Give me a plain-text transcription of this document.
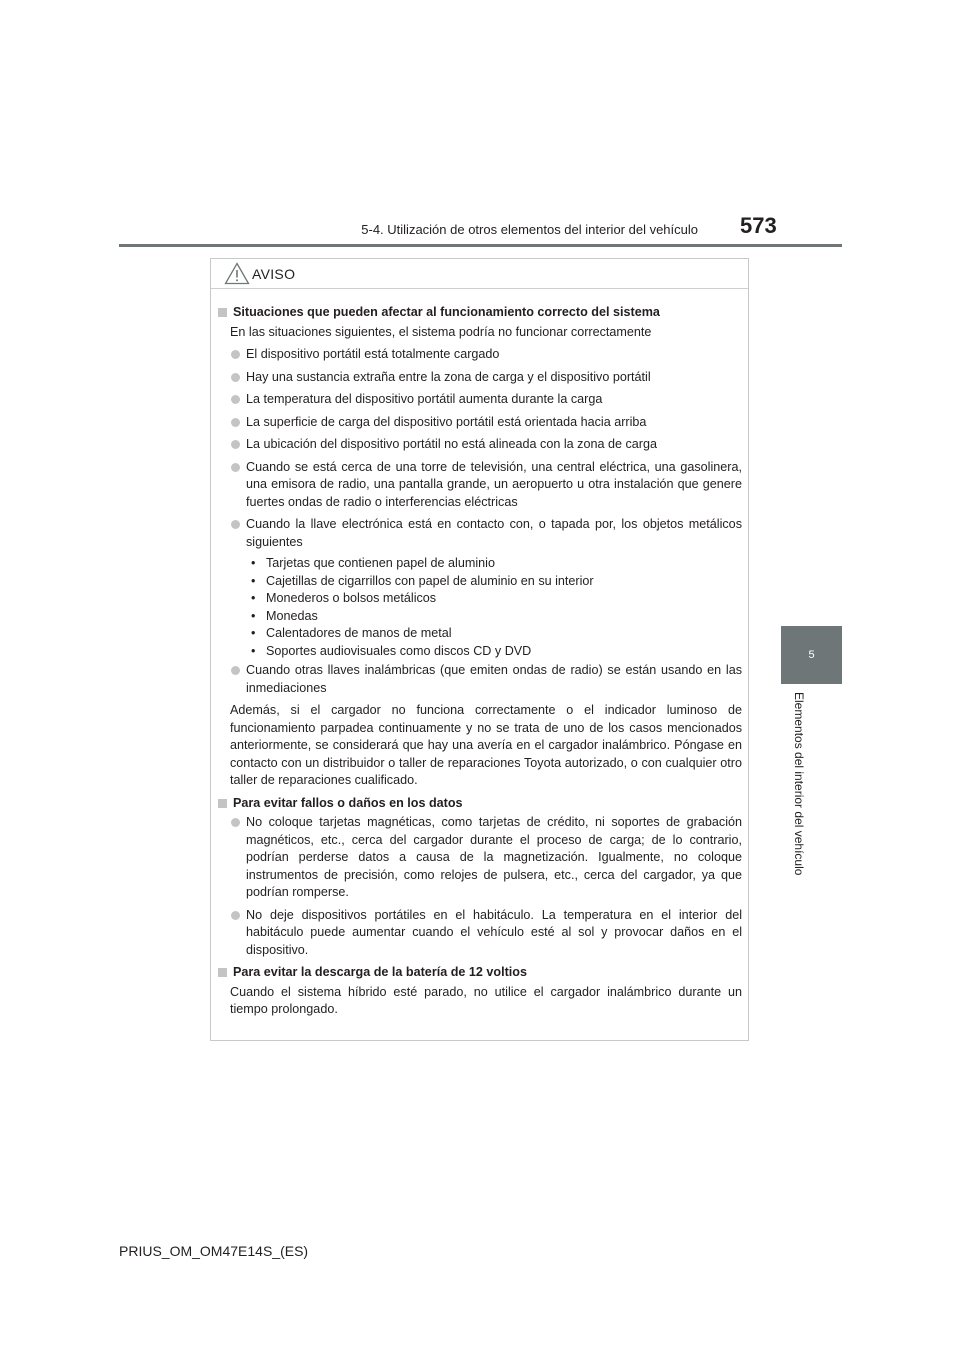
5-4. Utilización de otros elementos del interior del vehículo 573
5
Elementos del interior del vehículo
AVISO
Situaciones que pueden afectar al funcionamiento correcto del sistema
En las situaciones siguientes, el sistema podría no funcionar correctamente
El dispositivo portátil está totalmente cargado
Hay una sustancia extraña entre la zona de carga y el dispositivo portátil
La temperatura del dispositivo portátil aumenta durante la carga
La superficie de carga del dispositivo portátil está orientada hacia arriba
La ubicación del dispositivo portátil no está alineada con la zona de carga
Cuando se está cerca de una torre de televisión, una central eléctrica, una gasolinera, una emisora de radio, una pantalla grande, un aeropuerto u otra instalación que genere fuertes ondas de radio o interferencias eléctricas
Cuando la llave electrónica está en contacto con, o tapada por, los objetos metálicos siguientes
• Tarjetas que contienen papel de aluminio
• Cajetillas de cigarrillos con papel de aluminio en su interior
• Monederos o bolsos metálicos
• Monedas
• Calentadores de manos de metal
• Soportes audiovisuales como discos CD y DVD
Cuando otras llaves inalámbricas (que emiten ondas de radio) se están usando en las inmediaciones
Además, si el cargador no funciona correctamente o el indicador luminoso de funcionamiento parpadea continuamente y no se trata de uno de los casos mencionados anteriormente, se considerará que hay una avería en el cargador inalámbrico. Póngase en contacto con un distribuidor o taller de reparaciones Toyota autorizado, o con cualquier otro taller de reparaciones cualificado.
Para evitar fallos o daños en los datos
No coloque tarjetas magnéticas, como tarjetas de crédito, ni soportes de grabación magnéticos, etc., cerca del cargador durante el proceso de carga; de lo contrario, podrían perderse datos a causa de la magnetización. Igualmente, no coloque instrumentos de precisión, como relojes de pulsera, etc., cerca del cargador, ya que podrían romperse.
No deje dispositivos portátiles en el habitáculo. La temperatura en el interior del habitáculo puede aumentar cuando el vehículo esté al sol y provocar daños en el dispositivo.
Para evitar la descarga de la batería de 12 voltios
Cuando el sistema híbrido esté parado, no utilice el cargador inalámbrico durante un tiempo prolongado.
PRIUS_OM_OM47E14S_(ES)
